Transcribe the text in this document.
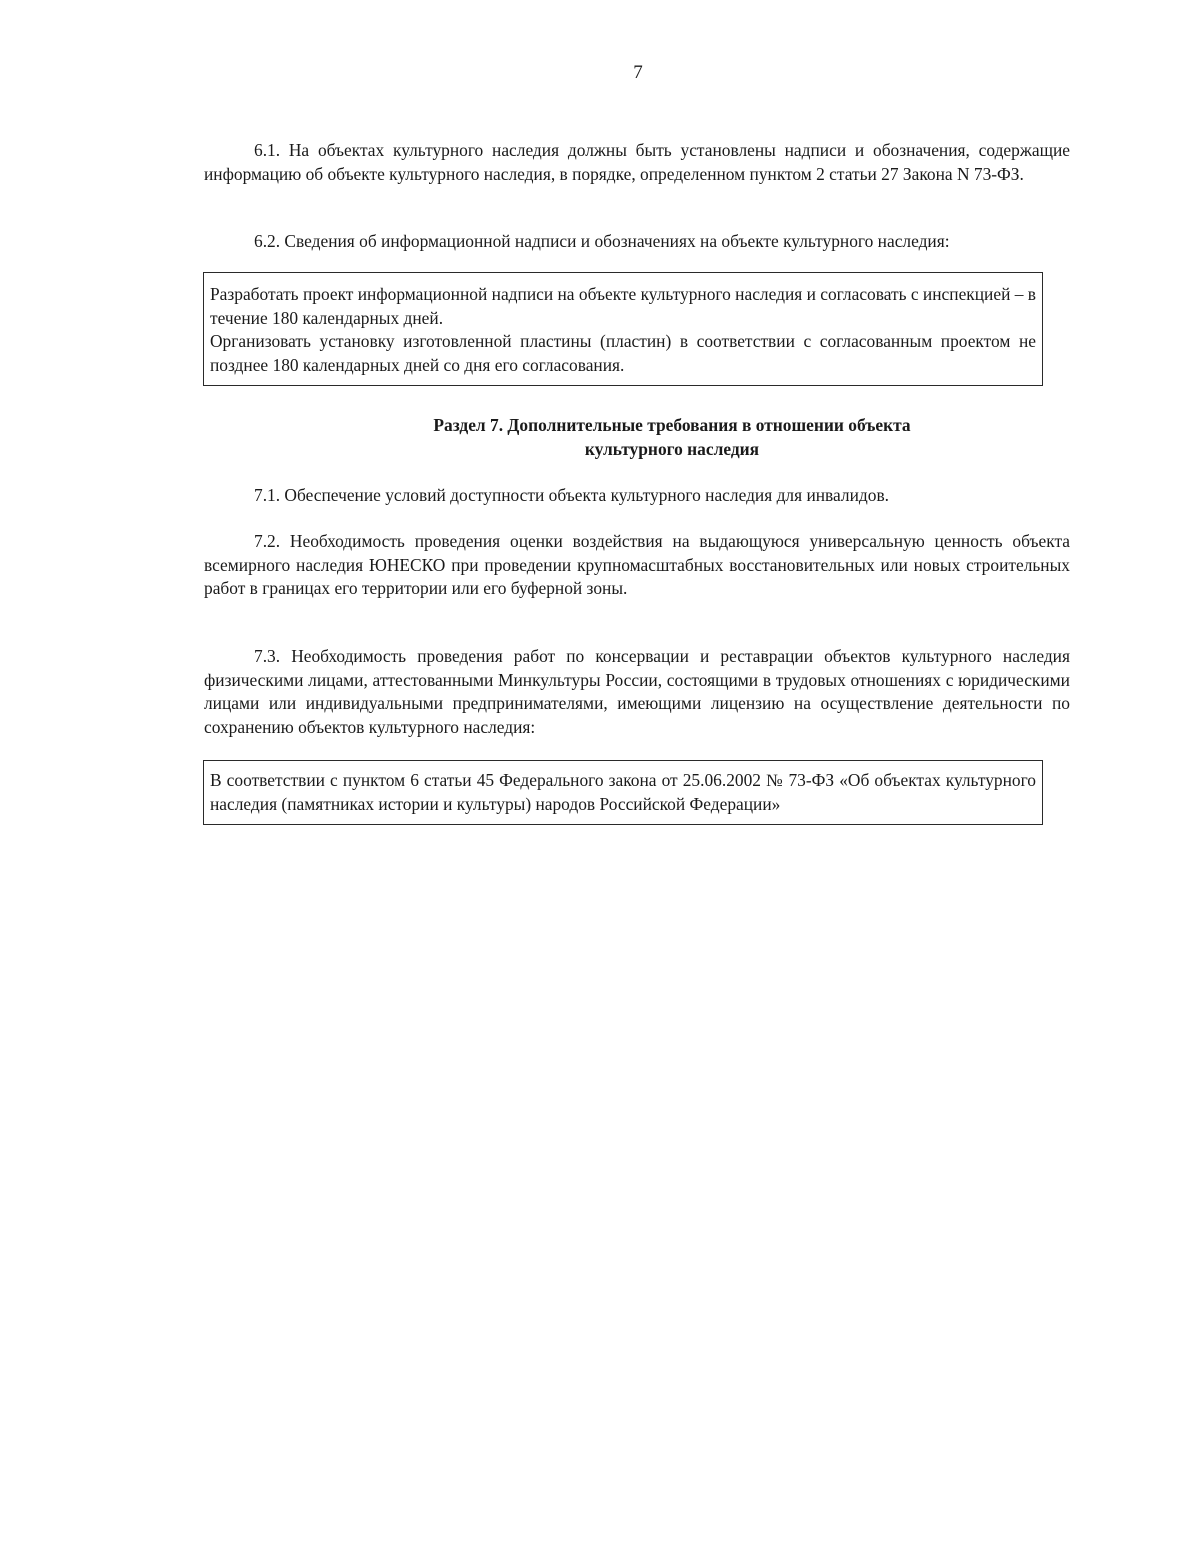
7

6.1. На объектах культурного наследия должны быть установлены надписи и обозначения, содержащие информацию об объекте культурного наследия, в порядке, определенном пунктом 2 статьи 27 Закона N 73-ФЗ.

6.2. Сведения об информационной надписи и обозначениях на объекте культурного наследия:

Разработать проект информационной надписи на объекте культурного наследия и согласовать с инспекцией – в течение 180 календарных дней.

Организовать установку изготовленной пластины (пластин) в соответствии с согласованным проектом не позднее 180 календарных дней со дня его согласования.

Раздел 7. Дополнительные требования в отношении объекта
культурного наследия

7.1. Обеспечение условий доступности объекта культурного наследия для инвалидов.

7.2. Необходимость проведения оценки воздействия на выдающуюся универсальную ценность объекта всемирного наследия ЮНЕСКО при проведении крупномасштабных восстановительных или новых строительных работ в границах его территории или его буферной зоны.

7.3. Необходимость проведения работ по консервации и реставрации объектов культурного наследия физическими лицами, аттестованными Минкультуры России, состоящими в трудовых отношениях с юридическими лицами или индивидуальными предпринимателями, имеющими лицензию на осуществление деятельности по сохранению объектов культурного наследия:

В соответствии с пунктом 6 статьи 45 Федерального закона от 25.06.2002 № 73-ФЗ «Об объектах культурного наследия (памятниках истории и культуры) народов Российской Федерации»
